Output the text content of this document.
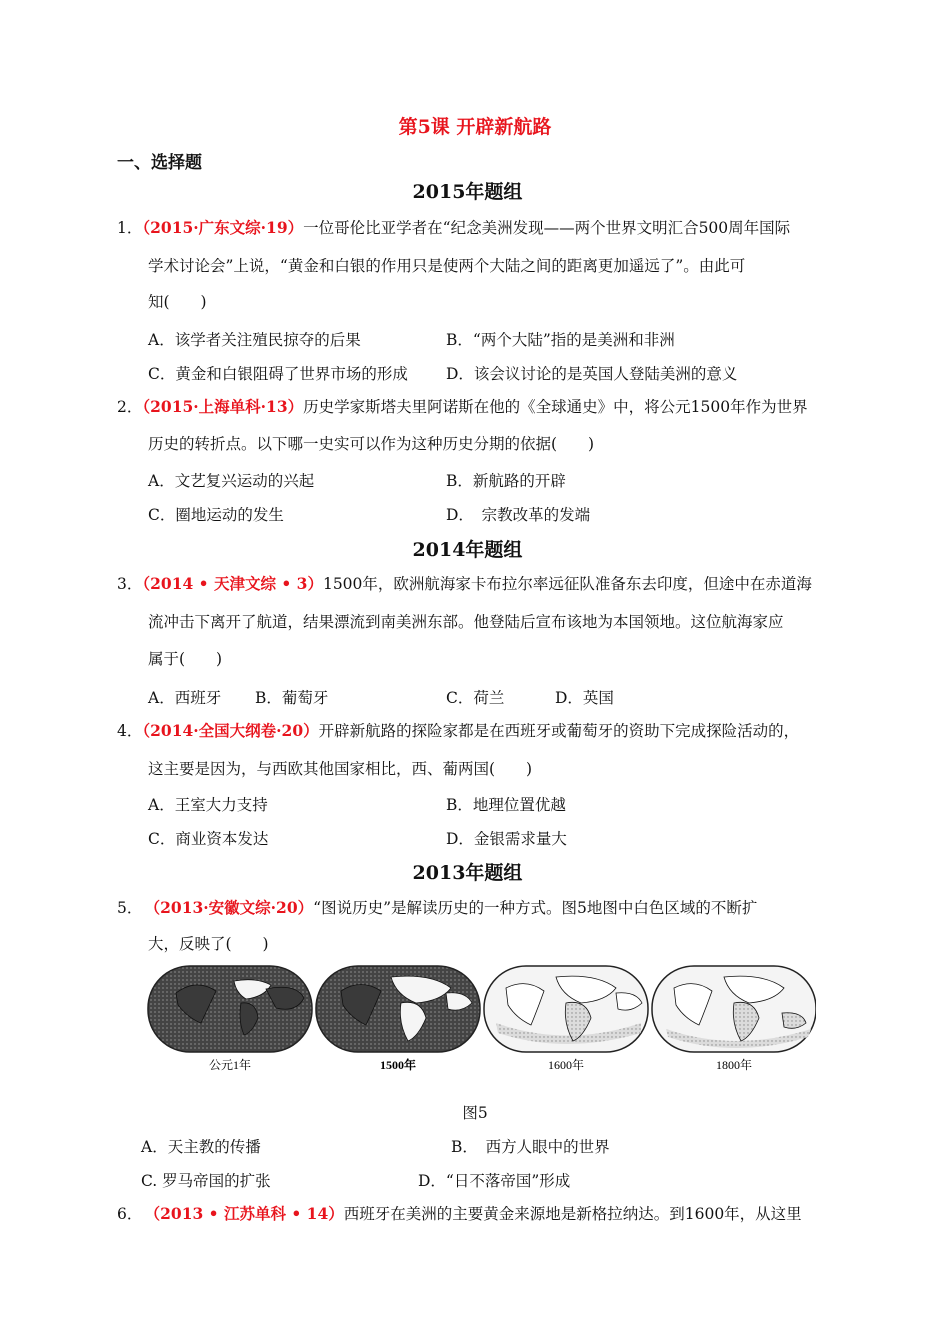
第5课 开辟新航路
一、选择题
2015年题组
1．（2015·广东文综·19）一位哥伦比亚学者在“纪念美洲发现——两个世界文明汇合500周年国际
学术讨论会”上说，“黄金和白银的作用只是使两个大陆之间的距离更加遥远了”。由此可
知(　　)
A．该学者关注殖民掠夺的后果	B．“两个大陆”指的是美洲和非洲
C．黄金和白银阻碍了世界市场的形成 D．该会议讨论的是英国人登陆美洲的意义
2．（2015·上海单科·13）历史学家斯塔夫里阿诺斯在他的《全球通史》中，将公元1500年作为世界
历史的转折点。以下哪一史实可以作为这种历史分期的依据(　　)
A．文艺复兴运动的兴起	B．新航路的开辟
C．圈地运动的发生	D．　宗教改革的发端
2014年题组
3．（2014 • 天津文综 • 3）1500年，欧洲航海家卡布拉尔率远征队准备东去印度，但途中在赤道海
流冲击下离开了航道，结果漂流到南美洲东部。他登陆后宣布该地为本国领地。这位航海家应
属于(　　)
A．西班牙 B．葡萄牙	C．荷兰	D．英国
4．（2014·全国大纲卷·20）开辟新航路的探险家都是在西班牙或葡萄牙的资助下完成探险活动的，
这主要是因为，与西欧其他国家相比，西、葡两国(　　)
A．王室大力支持	B．地理位置优越
C．商业资本发达	D．金银需求量大
2013年题组
5． （2013·安徽文综·20）“图说历史”是解读历史的一种方式。图5地图中白色区域的不断扩
大，反映了(　　)
公元1年	1500年	1600年	1800年
图5
A．天主教的传播	B．　西方人眼中的世界
C. 罗马帝国的扩张	D．“日不落帝国”形成
6． （2013 • 江苏单科 • 14）西班牙在美洲的主要黄金来源地是新格拉纳达。到1600年，从这里
